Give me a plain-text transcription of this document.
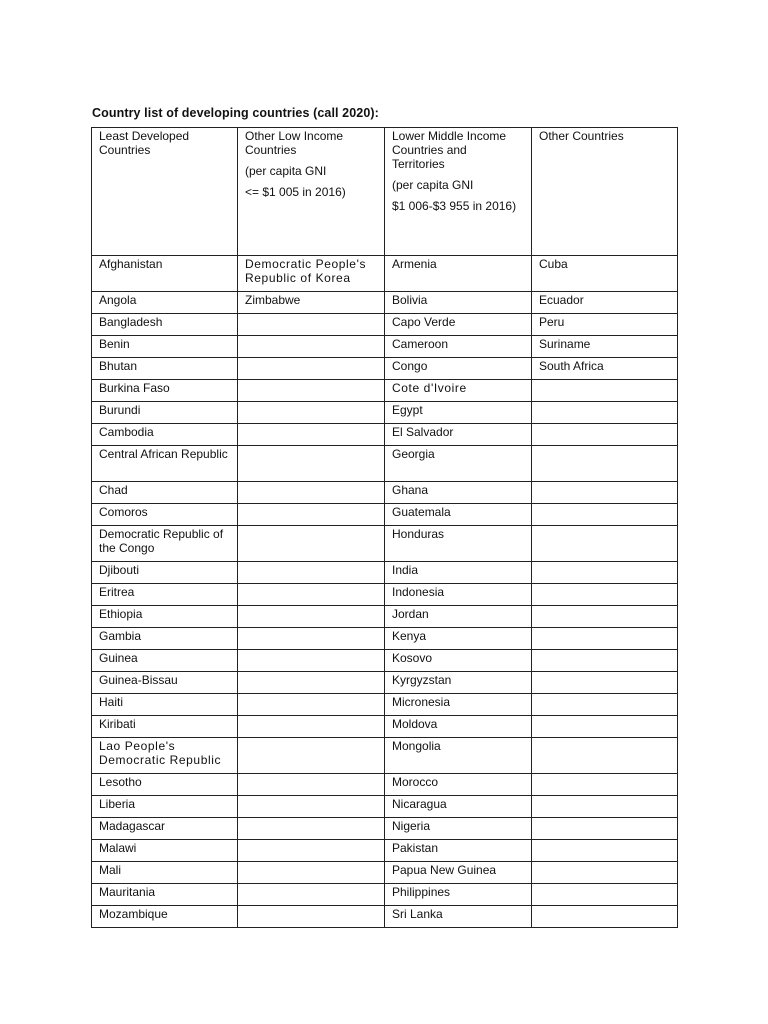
Country list of developing countries (call 2020):
Least Developed
Countries	Other Low Income
Countries
(per capita GNI
<= $1 005 in 2016)	Lower Middle Income
Countries and
Territories
(per capita GNI
$1 006-$3 955 in 2016)	Other Countries

Afghanistan	Democratic People's Republic of Korea	Armenia	Cuba
Angola	Zimbabwe	Bolivia	Ecuador
Bangladesh		Capo Verde	Peru
Benin		Cameroon	Suriname
Bhutan		Congo	South Africa
Burkina Faso		Cote d'Ivoire	
Burundi		Egypt	
Cambodia		El Salvador	
Central African Republic		Georgia	
Chad		Ghana	
Comoros		Guatemala	
Democratic Republic of the Congo		Honduras	
Djibouti		India	
Eritrea		Indonesia	
Ethiopia		Jordan	
Gambia		Kenya	
Guinea		Kosovo	
Guinea-Bissau		Kyrgyzstan	
Haiti		Micronesia	
Kiribati		Moldova	
Lao People's Democratic Republic		Mongolia	
Lesotho		Morocco	
Liberia		Nicaragua	
Madagascar		Nigeria	
Malawi		Pakistan	
Mali		Papua New Guinea	
Mauritania		Philippines	
Mozambique		Sri Lanka	
